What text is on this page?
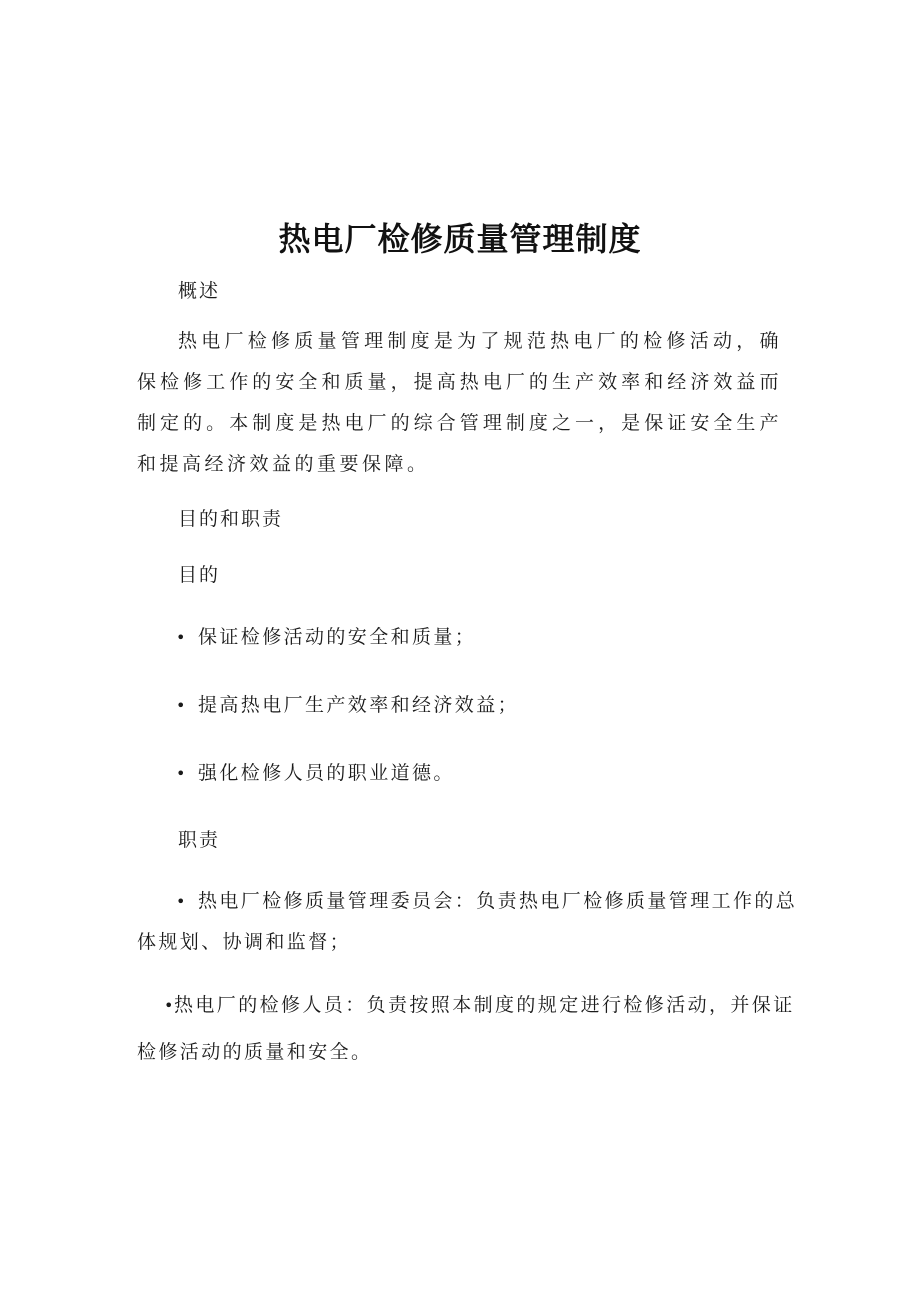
热电厂检修质量管理制度
概述
热电厂检修质量管理制度是为了规范热电厂的检修活动，确保检修工作的安全和质量，提高热电厂的生产效率和经济效益而制定的。本制度是热电厂的综合管理制度之一，是保证安全生产和提高经济效益的重要保障。
目的和职责
目的
• 保证检修活动的安全和质量；
• 提高热电厂生产效率和经济效益；
• 强化检修人员的职业道德。
职责
• 热电厂检修质量管理委员会：负责热电厂检修质量管理工作的总
体规划、协调和监督；
•热电厂的检修人员：负责按照本制度的规定进行检修活动，并保证
检修活动的质量和安全。
